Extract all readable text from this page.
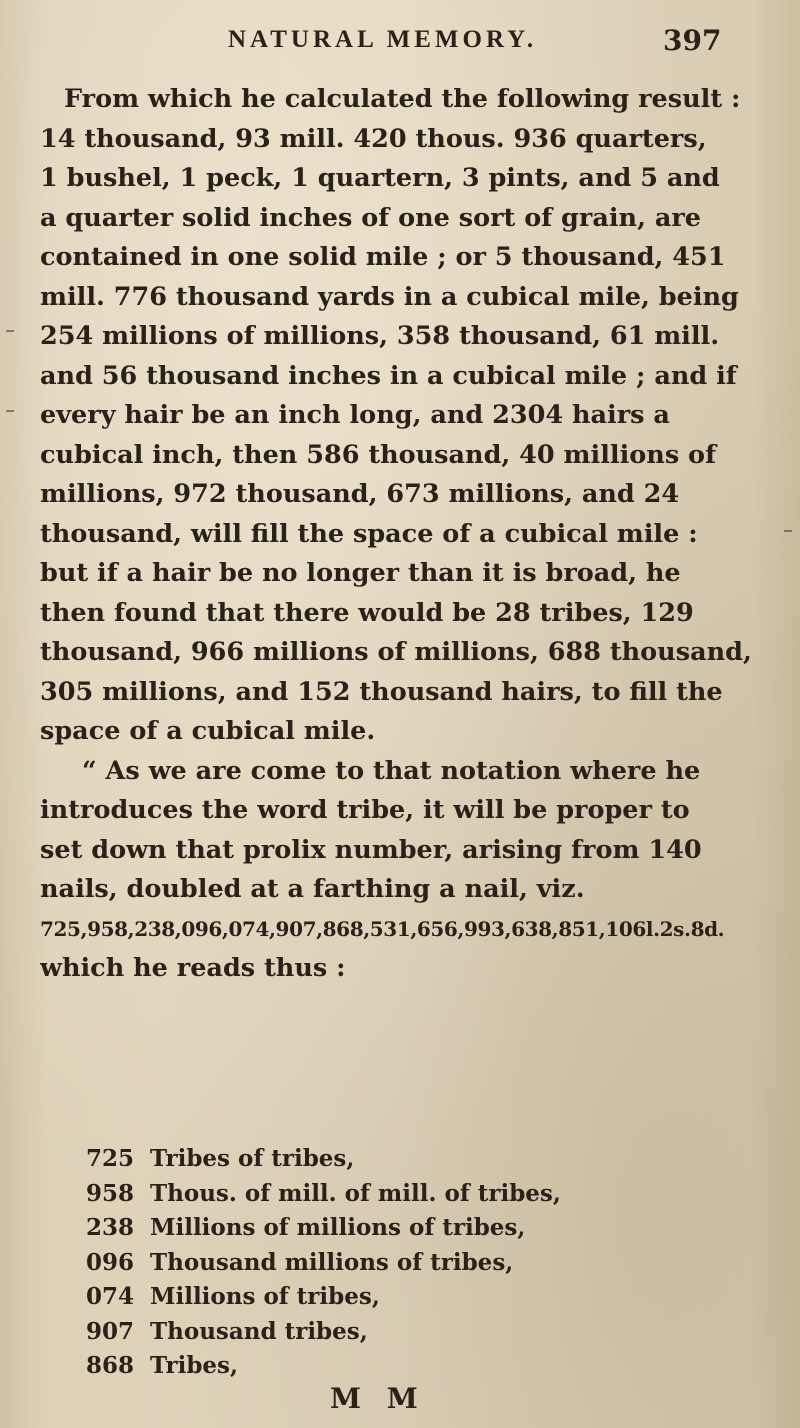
NATURAL MEMORY.	397
From which he calculated the following result :
14 thousand, 93 mill. 420 thous. 936 quarters,
1 bushel, 1 peck, 1 quartern, 3 pints, and 5 and
a quarter solid inches of one sort of grain, are
contained in one solid mile ; or 5 thousand, 451
mill. 776 thousand yards in a cubical mile, being
254 millions of millions, 358 thousand, 61 mill.
and 56 thousand inches in a cubical mile ; and if
every hair be an inch long, and 2304 hairs a
cubical inch, then 586 thousand, 40 millions of
millions, 972 thousand, 673 millions, and 24
thousand, will fill the space of a cubical mile :
but if a hair be no longer than it is broad, he
then found that there would be 28 tribes, 129
thousand, 966 millions of millions, 688 thousand,
305 millions, and 152 thousand hairs, to fill the
space of a cubical mile.
“ As we are come to that notation where he
introduces the word tribe, it will be proper to
set down that prolix number, arising from 140
nails, doubled at a farthing a nail, viz.
725,958,238,096,074,907,868,531,656,993,638,851,106l.2s.8d.
which he reads thus :
725 Tribes of tribes,
958 Thous. of mill. of mill. of tribes,
238 Millions of millions of tribes,
096 Thousand millions of tribes,
074 Millions of tribes,
907 Thousand tribes,
868 Tribes,
M M
